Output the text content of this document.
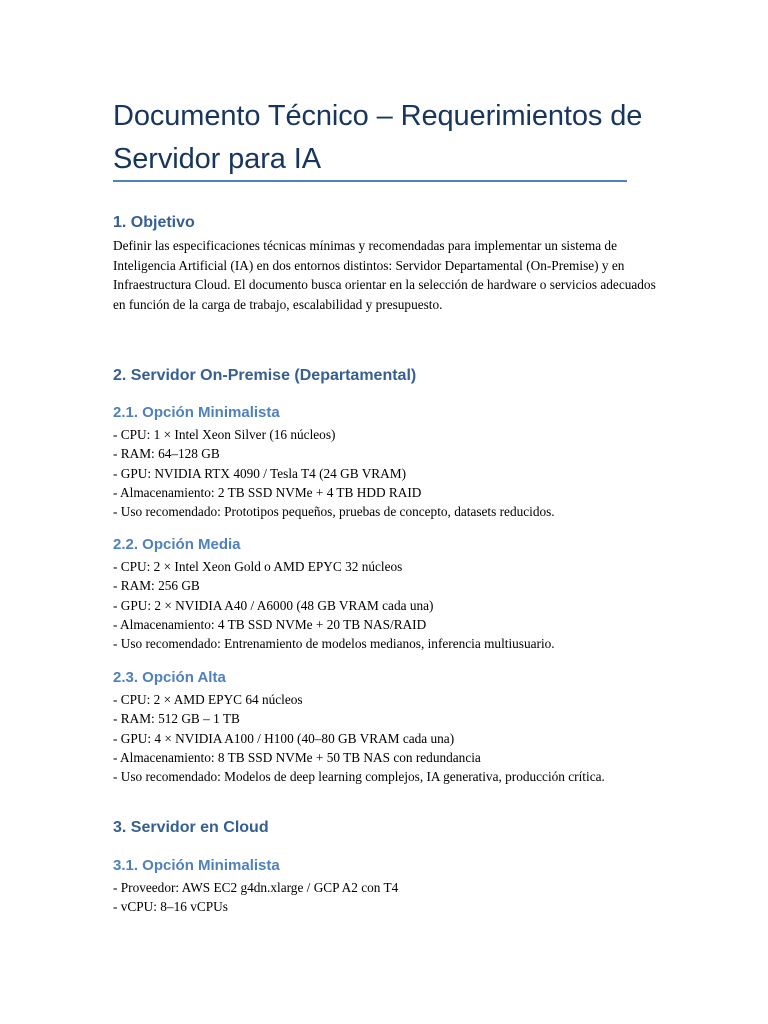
Documento Técnico – Requerimientos de Servidor para IA
1. Objetivo

Definir las especificaciones técnicas mínimas y recomendadas para implementar un sistema de Inteligencia Artificial (IA) en dos entornos distintos: Servidor Departamental (On-Premise) y en Infraestructura Cloud. El documento busca orientar en la selección de hardware o servicios adecuados en función de la carga de trabajo, escalabilidad y presupuesto.

2. Servidor On-Premise (Departamental)
2.1. Opción Minimalista
- CPU: 1 × Intel Xeon Silver (16 núcleos)
- RAM: 64–128 GB
- GPU: NVIDIA RTX 4090 / Tesla T4 (24 GB VRAM)
- Almacenamiento: 2 TB SSD NVMe + 4 TB HDD RAID
- Uso recomendado: Prototipos pequeños, pruebas de concepto, datasets reducidos.
2.2. Opción Media
- CPU: 2 × Intel Xeon Gold o AMD EPYC 32 núcleos
- RAM: 256 GB
- GPU: 2 × NVIDIA A40 / A6000 (48 GB VRAM cada una)
- Almacenamiento: 4 TB SSD NVMe + 20 TB NAS/RAID
- Uso recomendado: Entrenamiento de modelos medianos, inferencia multiusuario.
2.3. Opción Alta
- CPU: 2 × AMD EPYC 64 núcleos
- RAM: 512 GB – 1 TB
- GPU: 4 × NVIDIA A100 / H100 (40–80 GB VRAM cada una)
- Almacenamiento: 8 TB SSD NVMe + 50 TB NAS con redundancia
- Uso recomendado: Modelos de deep learning complejos, IA generativa, producción crítica.
3. Servidor en Cloud
3.1. Opción Minimalista
- Proveedor: AWS EC2 g4dn.xlarge / GCP A2 con T4
- vCPU: 8–16 vCPUs
